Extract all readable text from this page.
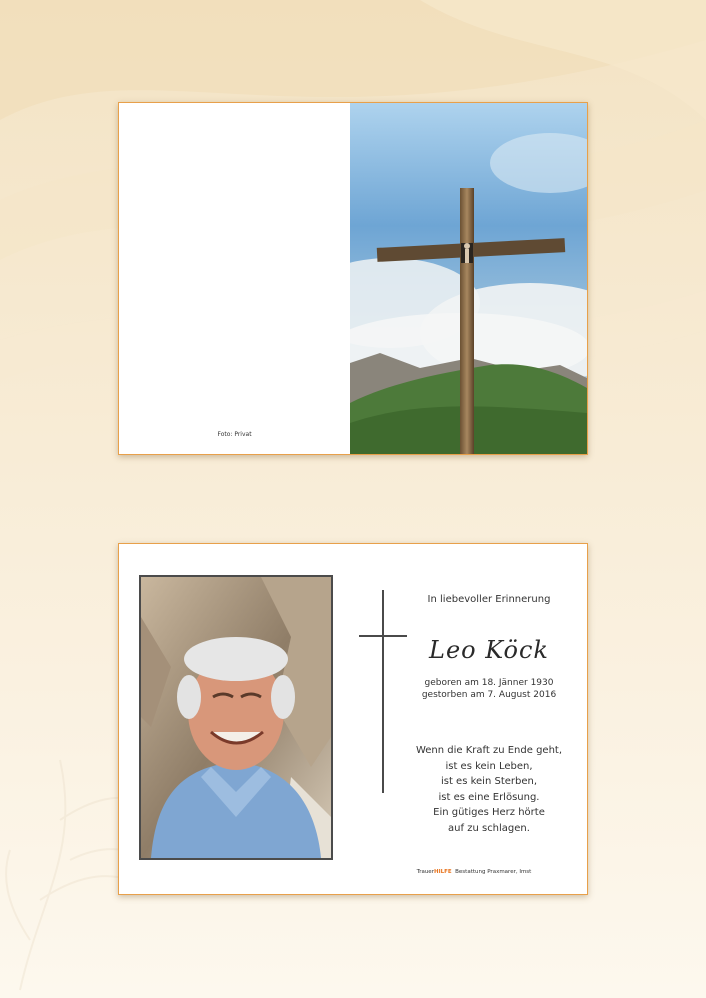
Foto: Privat
In liebevoller Erinnerung
Leo Köck
geboren am 18. Jänner 1930
gestorben am 7. August 2016
Wenn die Kraft zu Ende geht,
ist es kein Leben,
ist es kein Sterben,
ist es eine Erlösung.
Ein gütiges Herz hörte
auf zu schlagen.
TrauerHILFE Bestattung Praxmarer, Imst
